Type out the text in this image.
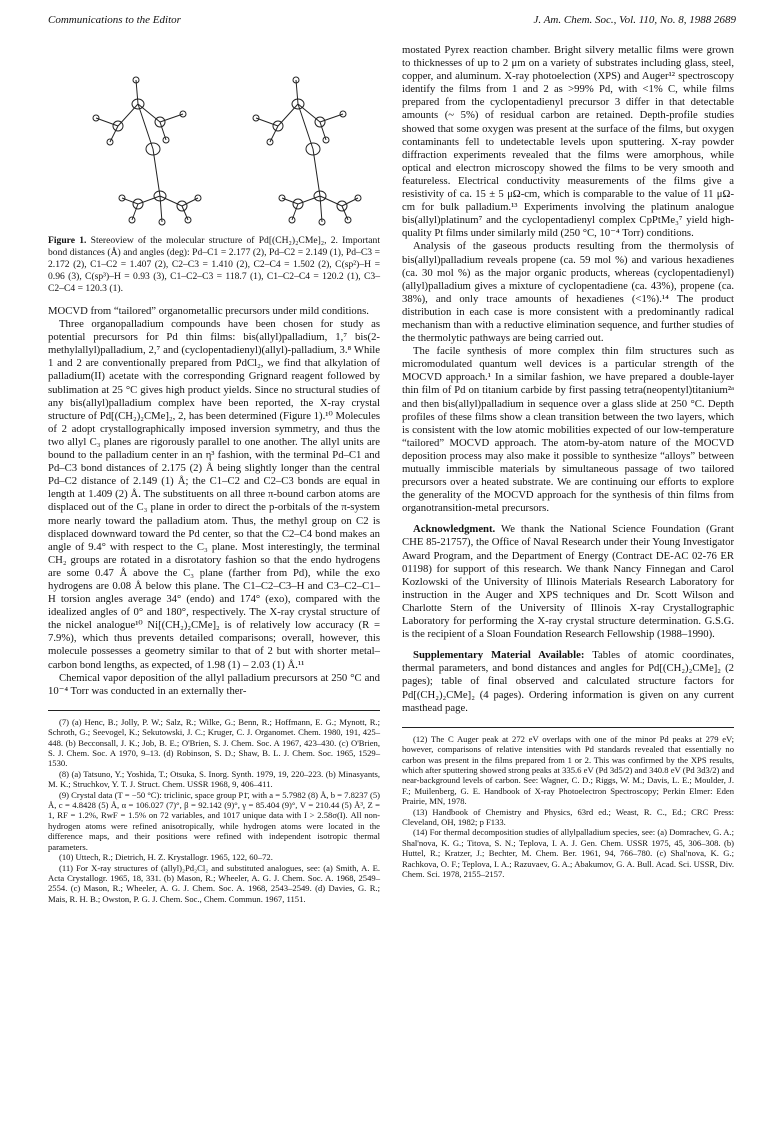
Communications to the Editor	J. Am. Chem. Soc., Vol. 110, No. 8, 1988 2689
Figure 1. Stereoview of the molecular structure of Pd[(CH₂)₂CMe]₂, 2. Important bond distances (Å) and angles (deg): Pd–C1 = 2.177 (2), Pd–C2 = 2.149 (1), Pd–C3 = 2.172 (2), C1–C2 = 1.407 (2), C2–C3 = 1.410 (2), C2–C4 = 1.502 (2), C(sp²)–H = 0.96 (3), C(sp³)–H = 0.93 (3), C1–C2–C3 = 118.7 (1), C1–C2–C4 = 120.2 (1), C3–C2–C4 = 120.3 (1).

MOCVD from “tailored” organometallic precursors under mild conditions.

Three organopalladium compounds have been chosen for study as potential precursors for Pd thin films: bis(allyl)palladium, 1,⁷ bis(2-methylallyl)palladium, 2,⁷ and (cyclopentadienyl)(allyl)-palladium, 3.⁸ While 1 and 2 are conventionally prepared from PdCl₂, we find that alkylation of palladium(II) acetate with the corresponding Grignard reagent followed by sublimation at 25 °C gives high product yields. Since no structural studies of any bis(allyl)palladium complex have been reported, the X-ray crystal structure of Pd[(CH₂)₂CMe]₂, 2, has been determined (Figure 1).¹⁰ Molecules of 2 adopt crystallographically imposed inversion symmetry, and thus the two allyl C₃ planes are rigorously parallel to one another. The allyl units are bound to the palladium center in an η³ fashion, with the terminal Pd–C1 and Pd–C3 bond distances of 2.175 (2) Å being slightly longer than the central Pd–C2 distance of 2.149 (1) Å; the C1–C2 and C2–C3 bonds are equal in length at 1.409 (2) Å. The substituents on all three π-bound carbon atoms are displaced out of the C₃ plane in order to direct the p-orbitals of the π-system more nearly toward the palladium atom. Thus, the methyl group on C2 is displaced downward toward the Pd center, so that the C2–C4 bond makes an angle of 9.4° with respect to the C₃ plane. Most interestingly, the terminal CH₂ groups are rotated in a disrotatory fashion so that the endo hydrogens are some 0.47 Å above the C₃ plane (farther from Pd), while the exo hydrogens are 0.08 Å below this plane. The C1–C2–C3–H and C3–C2–C1–H torsion angles average 34° (endo) and 174° (exo), compared with the idealized angles of 0° and 180°, respectively. The X-ray crystal structure of the nickel analogue¹⁰ Ni[(CH₂)₂CMe]₂ is of relatively low accuracy (R = 7.9%), which thus prevents detailed comparisons; overall, however, this molecule possesses a geometry similar to that of 2 but with shorter metal–carbon bond lengths, as expected, of 1.98 (1) – 2.03 (1) Å.¹¹

Chemical vapor deposition of the allyl palladium precursors at 250 °C and 10⁻⁴ Torr was conducted in an externally ther-

(7) (a) Henc, B.; Jolly, P. W.; Salz, R.; Wilke, G.; Benn, R.; Hoffmann, E. G.; Mynott, R.; Schroth, G.; Seevogel, K.; Sekutowski, J. C.; Kruger, C. J. Organomet. Chem. 1980, 191, 425–448. (b) Becconsall, J. K.; Job, B. E.; O'Brien, S. J. Chem. Soc. A 1967, 423–430. (c) O'Brien, S. J. Chem. Soc. A 1970, 9–13. (d) Robinson, S. D.; Shaw, B. L. J. Chem. Soc. 1965, 1529–1530.

(8) (a) Tatsuno, Y.; Yoshida, T.; Otsuka, S. Inorg. Synth. 1979, 19, 220–223. (b) Minasyants, M. K.; Struchkov, Y. T. J. Struct. Chem. USSR 1968, 9, 406–411.

(9) Crystal data (T = −50 °C): triclinic, space group P1̄, with a = 5.7982 (8) Å, b = 7.8237 (5) Å, c = 4.8428 (5) Å, α = 106.027 (7)°, β = 92.142 (9)°, γ = 85.404 (9)°, V = 210.44 (5) Å³, Z = 1, RF = 1.2%, RwF = 1.5% on 72 variables, and 1017 unique data with I > 2.58σ(I). All non-hydrogen atoms were refined anisotropically, while hydrogen atoms were located in the difference maps, and their positions were refined with independent isotropic thermal parameters.

(10) Uttech, R.; Dietrich, H. Z. Krystallogr. 1965, 122, 60–72.

(11) For X-ray structures of (allyl)₂Pd₂Cl₂ and substituted analogues, see: (a) Smith, A. E. Acta Crystallogr. 1965, 18, 331. (b) Mason, R.; Wheeler, A. G. J. Chem. Soc. A. 1968, 2549–2554. (c) Mason, R.; Wheeler, A. G. J. Chem. Soc. A. 1968, 2543–2549. (d) Davies, G. R.; Mais, R. H. B.; Owston, P. G. J. Chem. Soc., Chem. Commun. 1967, 1151.

mostated Pyrex reaction chamber. Bright silvery metallic films were grown to thicknesses of up to 2 μm on a variety of substrates including glass, steel, copper, and aluminum. X-ray photoelection (XPS) and Auger¹² spectroscopy identify the films from 1 and 2 as >99% Pd, with <1% C, while films prepared from the cyclopentadienyl precursor 3 differ in that detectable amounts (~ 5%) of residual carbon are retained. Depth-profile studies showed that some oxygen was present at the surface of the films, but oxygen contaminants fell to undetectable levels upon sputtering. X-ray powder diffraction experiments revealed that the films were amorphous, while optical and electron microscopy showed the films to be very smooth and featureless. Electrical conductivity measurements of the films give a resistivity of ca. 15 ± 5 μΩ-cm, which is comparable to the value of 11 μΩ-cm for bulk palladium.¹³ Experiments involving the platinum analogue bis(allyl)platinum⁷ and the cyclopentadienyl complex CpPtMe₃⁷ yield high-quality Pt films under similarly mild (250 °C, 10⁻⁴ Torr) conditions.

Analysis of the gaseous products resulting from the thermolysis of bis(allyl)palladium reveals propene (ca. 59 mol %) and various hexadienes (ca. 30 mol %) as the major organic products, whereas (cyclopentadienyl)(allyl)palladium gives a mixture of cyclopentadiene (ca. 43%), propene (ca. 38%), and only trace amounts of hexadienes (<1%).¹⁴ The product distribution in each case is more consistent with a predominantly radical mechanism than with a reductive elimination sequence, and further studies of the thermolytic pathways are being carried out.

The facile synthesis of more complex thin film structures such as micromodulated quantum well devices is a particular strength of the MOCVD approach.¹ In a similar fashion, we have prepared a double-layer thin film of Pd on titanium carbide by first passing tetra(neopentyl)titanium²ᵃ and then bis(allyl)palladium in sequence over a glass slide at 250 °C. Depth profiles of these films show a clean transition between the two layers, which is consistent with the low atomic mobilities expected of our low-temperature “tailored” MOCVD approach. The atom-by-atom nature of the MOCVD deposition process may also make it possible to synthesize “alloys” between mutually immiscible materials by simultaneous passage of two tailored precursors over a heated substrate. We are continuing our efforts to explore the generality of the MOCVD approach for the synthesis of thin films from organotransition-metal precursors.

Acknowledgment. We thank the National Science Foundation (Grant CHE 85-21757), the Office of Naval Research under their Young Investigator Award Program, and the Department of Energy (Contract DE-AC 02-76 ER 01198) for support of this research. We thank Nancy Finnegan and Carol Kozlowski of the University of Illinois Materials Research Laboratory for instruction in the Auger and XPS techniques and Dr. Scott Wilson and Charlotte Stern of the University of Illinois X-ray Crystallographic Laboratory for performing the X-ray crystal structure determination. G.S.G. is the recipient of a Sloan Foundation Research Fellowship (1988–1990).

Supplementary Material Available: Tables of atomic coordinates, thermal parameters, and bond distances and angles for Pd[(CH₂)₂CMe]₂ (2 pages); table of final observed and calculated structure factors for Pd[(CH₂)₂CMe]₂ (4 pages). Ordering information is given on any current masthead page.

(12) The C Auger peak at 272 eV overlaps with one of the minor Pd peaks at 279 eV; however, comparisons of relative intensities with Pd standards revealed that essentially no carbon was present in the films prepared from 1 or 2. This was confirmed by the XPS results, which after sputtering showed strong peaks at 335.6 eV (Pd 3d5/2) and 340.8 eV (Pd 3d3/2) and near-background levels of carbon. See: Wagner, C. D.; Riggs, W. M.; Davis, L. E.; Moulder, J. F.; Muilenberg, G. E. Handbook of X-ray Photoelectron Spectroscopy; Perkin Elmer: Eden Prairie, MN, 1978.

(13) Handbook of Chemistry and Physics, 63rd ed.; Weast, R. C., Ed.; CRC Press: Cleveland, OH, 1982; p F133.

(14) For thermal decomposition studies of allylpalladium species, see: (a) Domrachev, G. A.; Shal'nova, K. G.; Titova, S. N.; Teplova, I. A. J. Gen. Chem. USSR 1975, 45, 306–308. (b) Huttel, R.; Kratzer, J.; Bechter, M. Chem. Ber. 1961, 94, 766–780. (c) Shal'nova, K. G.; Rachkova, O. F.; Teplova, I. A.; Razuvaev, G. A.; Abakumov, G. A. Bull. Acad. Sci. USSR, Div. Chem. Sci. 1978, 2155–2157.
